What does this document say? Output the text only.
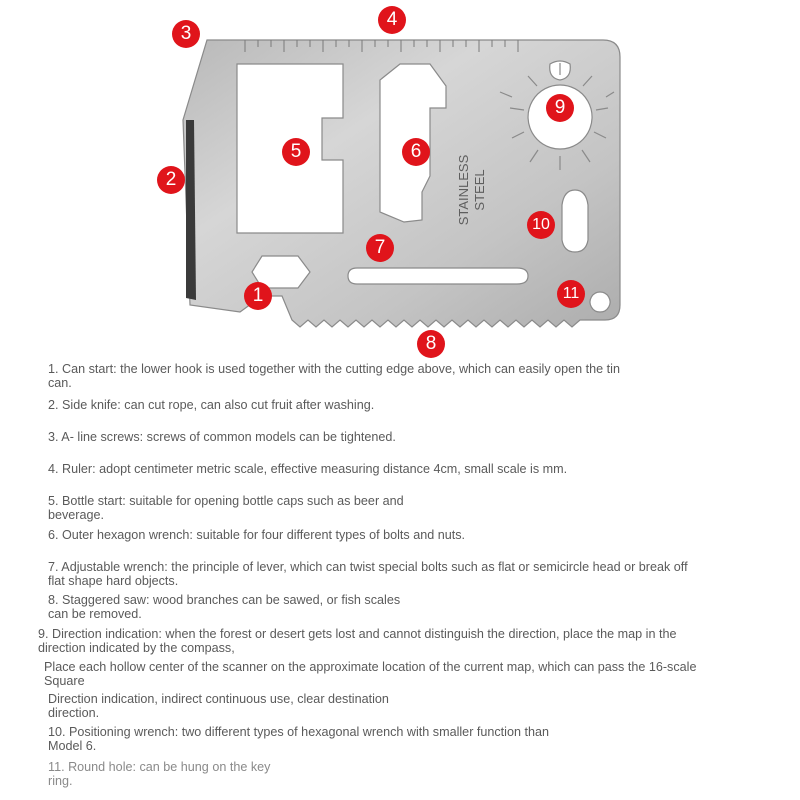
STAINLESS STEEL
1
2
3
4
5	6
7
8
9
10
11
1. Can start: the lower hook is used together with the cutting edge above, which can easily open the tin
can.
2. Side knife: can cut rope, can also cut fruit after washing.
3. A- line screws: screws of common models can be tightened.
4. Ruler: adopt centimeter metric scale, effective measuring distance 4cm, small scale is mm.
5. Bottle start: suitable for opening bottle caps such as beer and
beverage.
6. Outer hexagon wrench: suitable for four different types of bolts and nuts.
7. Adjustable wrench: the principle of lever, which can twist special bolts such as flat or semicircle head or break off
flat shape hard objects.
8. Staggered saw: wood branches can be sawed, or fish scales
can be removed.
9. Direction indication: when the forest or desert gets lost and cannot distinguish the direction, place the map in the
direction indicated by the compass,
Place each hollow center of the scanner on the approximate location of the current map, which can pass the 16-scale
Square
Direction indication, indirect continuous use, clear destination
direction.
10. Positioning wrench: two different types of hexagonal wrench with smaller function than
Model 6.
11. Round hole: can be hung on the key
ring.
